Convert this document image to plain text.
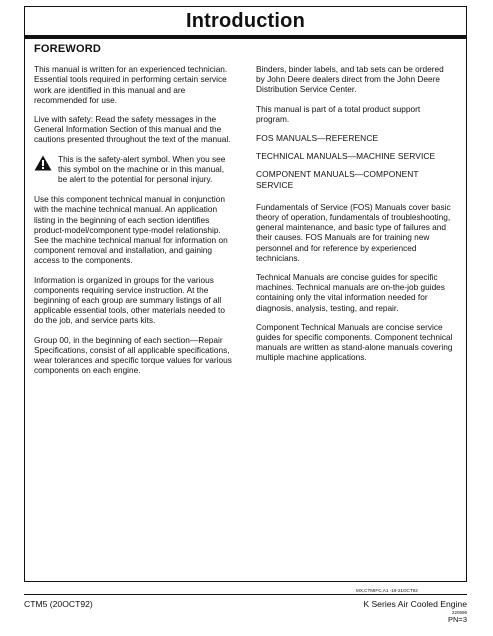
Introduction
FOREWORD
This manual is written for an experienced technician.
Essential tools required in performing certain service
work are identified in this manual and are
recommended for use.
Live with safety: Read the safety messages in the
General Information Section of this manual and the
cautions presented throughout the text of the manual.
This is the safety-alert symbol. When you see
this symbol on the machine or in this manual,
be alert to the potential for personal injury.
Use this component technical manual in conjunction
with the machine technical manual. An application
listing in the beginning of each section identifies
product-model/component type-model relationship.
See the machine technical manual for information on
component removal and installation, and gaining
access to the components.
Information is organized in groups for the various
components requiring service instruction. At the
beginning of each group are summary listings of all
applicable essential tools, other materials needed to
do the job, and service parts kits.
Group 00, in the beginning of each section—Repair
Specifications, consist of all applicable specifications,
wear tolerances and specific torque values for various
components on each engine.
Binders, binder labels, and tab sets can be ordered
by John Deere dealers direct from the John Deere
Distribution Service Center.
This manual is part of a total product support
program.
FOS MANUALS—REFERENCE
TECHNICAL MANUALS—MACHINE SERVICE
COMPONENT MANUALS—COMPONENT SERVICE
Fundamentals of Service (FOS) Manuals cover basic
theory of operation, fundamentals of troubleshooting,
general maintenance, and basic type of failures and
their causes. FOS Manuals are for training new
personnel and for reference by experienced
technicians.
Technical Manuals are concise guides for specific
machines. Technical manuals are on-the-job guides
containing only the vital information needed for
diagnosis, analysis, testing, and repair.
Component Technical Manuals are concise service
guides for specific components. Component technical
manuals are written as stand-alone manuals covering
multiple machine applications.
MX,CTMIFC,A1 -19-21OCT92
CTM5 (20OCT92)	K Series Air Cooled Engine
220596
PN=3
